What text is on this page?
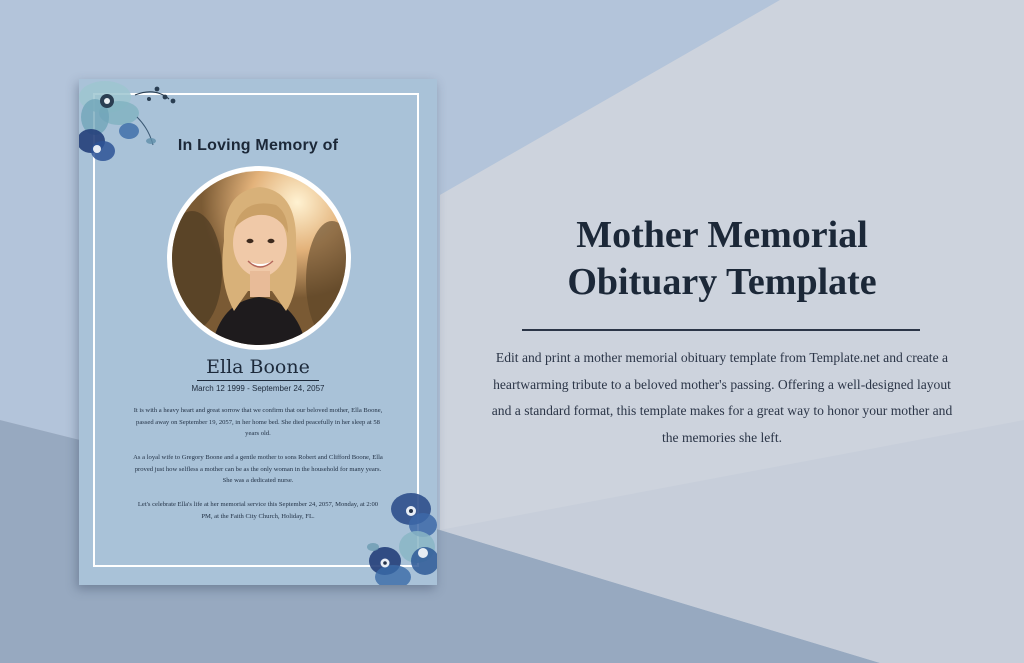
In Loving Memory of
Ella Boone
March 12 1999 - September 24, 2057

It is with a heavy heart and great sorrow that we confirm that our beloved mother, Ella Boone, passed away on September 19, 2057, in her home bed. She died peacefully in her sleep at 58 years old.

As a loyal wife to Gregory Boone and a gentle mother to sons Robert and Clifford Boone, Ella proved just how selfless a mother can be as the only woman in the household for many years. She was a dedicated nurse.

Let's celebrate Ella's life at her memorial service this September 24, 2057, Monday, at 2:00 PM, at the Faith City Church, Holiday, FL.

Mother Memorial Obituary Template

Edit and print a mother memorial obituary template from Template.net and create a heartwarming tribute to a beloved mother's passing. Offering a well-designed layout and a standard format, this template makes for a great way to honor your mother and the memories she left.
